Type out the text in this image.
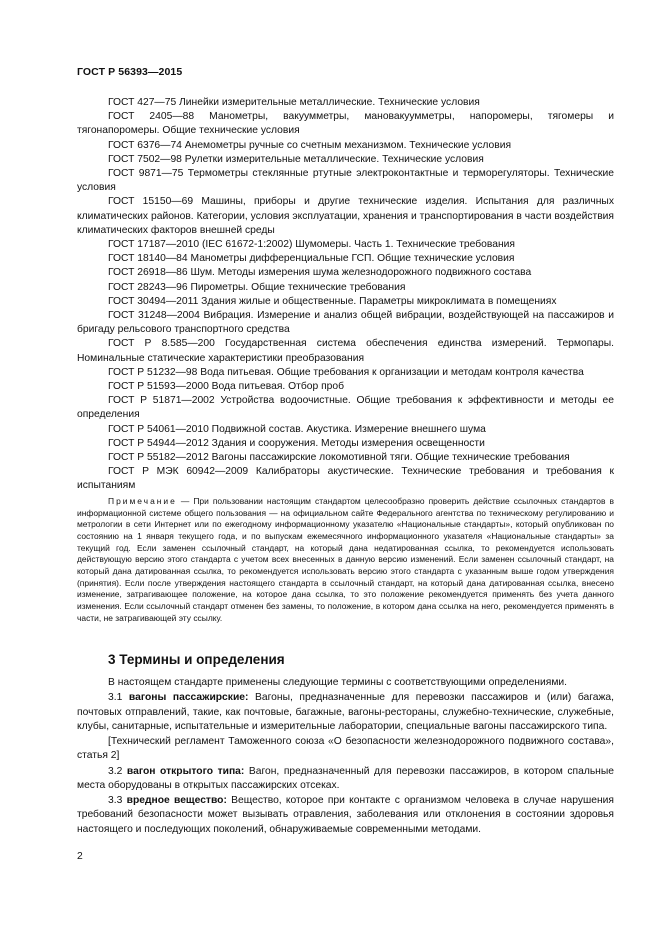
ГОСТ Р 56393—2015

ГОСТ 427—75 Линейки измерительные металлические. Технические условия

ГОСТ 2405—88 Манометры, вакуумметры, мановакуумметры, напоромеры, тягомеры и тягонапоромеры. Общие технические условия

ГОСТ 6376—74 Анемометры ручные со счетным механизмом. Технические условия

ГОСТ 7502—98 Рулетки измерительные металлические. Технические условия

ГОСТ 9871—75 Термометры стеклянные ртутные электроконтактные и терморегуляторы. Технические условия

ГОСТ 15150—69 Машины, приборы и другие технические изделия. Испытания для различных климатических районов. Категории, условия эксплуатации, хранения и транспортирования в части воздействия климатических факторов внешней среды

ГОСТ 17187—2010 (IEC 61672-1:2002) Шумомеры. Часть 1. Технические требования

ГОСТ 18140—84 Манометры дифференциальные ГСП. Общие технические условия

ГОСТ 26918—86 Шум. Методы измерения шума железнодорожного подвижного состава

ГОСТ 28243—96 Пирометры. Общие технические требования

ГОСТ 30494—2011 Здания жилые и общественные. Параметры микроклимата в помещениях

ГОСТ 31248—2004 Вибрация. Измерение и анализ общей вибрации, воздействующей на пассажиров и бригаду рельсового транспортного средства

ГОСТ Р 8.585—200 Государственная система обеспечения единства измерений. Термопары. Номинальные статические характеристики преобразования

ГОСТ Р 51232—98 Вода питьевая. Общие требования к организации и методам контроля качества

ГОСТ Р 51593—2000 Вода питьевая. Отбор проб

ГОСТ Р 51871—2002 Устройства водоочистные. Общие требования к эффективности и методы ее определения

ГОСТ Р 54061—2010 Подвижной состав. Акустика. Измерение внешнего шума

ГОСТ Р 54944—2012 Здания и сооружения. Методы измерения освещенности

ГОСТ Р 55182—2012 Вагоны пассажирские локомотивной тяги. Общие технические требования

ГОСТ Р МЭК 60942—2009 Калибраторы акустические. Технические требования и требования к испытаниям

Примечание — При пользовании настоящим стандартом целесообразно проверить действие ссылочных стандартов в информационной системе общего пользования — на официальном сайте Федерального агентства по техническому регулированию и метрологии в сети Интернет или по ежегодному информационному указателю «Национальные стандарты», который опубликован по состоянию на 1 января текущего года, и по выпускам ежемесячного информационного указателя «Национальные стандарты» за текущий год. Если заменен ссылочный стандарт, на который дана недатированная ссылка, то рекомендуется использовать действующую версию этого стандарта с учетом всех внесенных в данную версию изменений. Если заменен ссылочный стандарт, на который дана датированная ссылка, то рекомендуется использовать версию этого стандарта с указанным выше годом утверждения (принятия). Если после утверждения настоящего стандарта в ссылочный стандарт, на который дана датированная ссылка, внесено изменение, затрагивающее положение, на которое дана ссылка, то это положение рекомендуется применять без учета данного изменения. Если ссылочный стандарт отменен без замены, то положение, в котором дана ссылка на него, рекомендуется применять в части, не затрагивающей эту ссылку.

3 Термины и определения

В настоящем стандарте применены следующие термины с соответствующими определениями.

3.1 вагоны пассажирские: Вагоны, предназначенные для перевозки пассажиров и (или) багажа, почтовых отправлений, такие, как почтовые, багажные, вагоны-рестораны, служебно-технические, служебные, клубы, санитарные, испытательные и измерительные лаборатории, специальные вагоны пассажирского типа.

[Технический регламент Таможенного союза «О безопасности железнодорожного подвижного состава», статья 2]

3.2 вагон открытого типа: Вагон, предназначенный для перевозки пассажиров, в котором спальные места оборудованы в открытых пассажирских отсеках.

3.3 вредное вещество: Вещество, которое при контакте с организмом человека в случае нарушения требований безопасности может вызывать отравления, заболевания или отклонения в состоянии здоровья настоящего и последующих поколений, обнаруживаемые современными методами.

2
